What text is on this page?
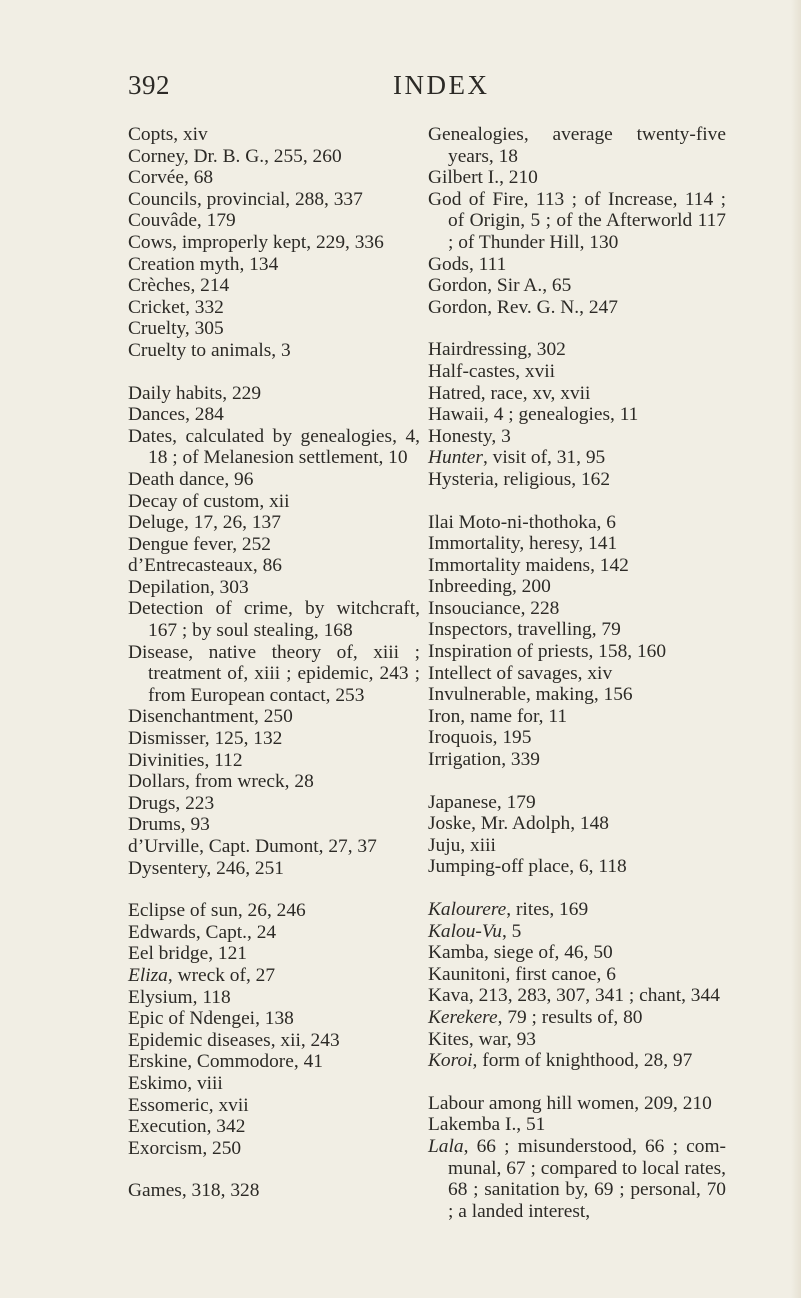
392	INDEX
Copts, xiv
Corney, Dr. B. G., 255, 260
Corvée, 68
Councils, provincial, 288, 337
Couvâde, 179
Cows, improperly kept, 229, 336
Creation myth, 134
Crèches, 214
Cricket, 332
Cruelty, 305
Cruelty to animals, 3
Daily habits, 229
Dances, 284
Dates, calculated by genealogies, 4, 18 ; of Melanesion settlement, 10
Death dance, 96
Decay of custom, xii
Deluge, 17, 26, 137
Dengue fever, 252
d’Entrecasteaux, 86
Depilation, 303
Detection of crime, by witchcraft, 167 ; by soul stealing, 168
Disease, native theory of, xiii ; treatment of, xiii ; epidemic, 243 ; from European contact, 253
Disenchantment, 250
Dismisser, 125, 132
Divinities, 112
Dollars, from wreck, 28
Drugs, 223
Drums, 93
d’Urville, Capt. Dumont, 27, 37
Dysentery, 246, 251
Eclipse of sun, 26, 246
Edwards, Capt., 24
Eel bridge, 121
Eliza, wreck of, 27
Elysium, 118
Epic of Ndengei, 138
Epidemic diseases, xii, 243
Erskine, Commodore, 41
Eskimo, viii
Essomeric, xvii
Execution, 342
Exorcism, 250
Games, 318, 328
Genealogies, average twenty-five years, 18
Gilbert I., 210
God of Fire, 113 ; of Increase, 114 ; of Origin, 5 ; of the Afterworld 117 ; of Thunder Hill, 130
Gods, 111
Gordon, Sir A., 65
Gordon, Rev. G. N., 247
Hairdressing, 302
Half-castes, xvii
Hatred, race, xv, xvii
Hawaii, 4 ; genealogies, 11
Honesty, 3
Hunter, visit of, 31, 95
Hysteria, religious, 162
Ilai Moto-ni-thothoka, 6
Immortality, heresy, 141
Immortality maidens, 142
Inbreeding, 200
Insouciance, 228
Inspectors, travelling, 79
Inspiration of priests, 158, 160
Intellect of savages, xiv
Invulnerable, making, 156
Iron, name for, 11
Iroquois, 195
Irrigation, 339
Japanese, 179
Joske, Mr. Adolph, 148
Juju, xiii
Jumping-off place, 6, 118
Kalourere, rites, 169
Kalou-Vu, 5
Kamba, siege of, 46, 50
Kaunitoni, first canoe, 6
Kava, 213, 283, 307, 341 ; chant, 344
Kerekere, 79 ; results of, 80
Kites, war, 93
Koroi, form of knighthood, 28, 97
Labour among hill women, 209, 210
Lakemba I., 51
Lala, 66 ; misunderstood, 66 ; com-munal, 67 ; compared to local rates, 68 ; sanitation by, 69 ; personal, 70 ; a landed interest,
